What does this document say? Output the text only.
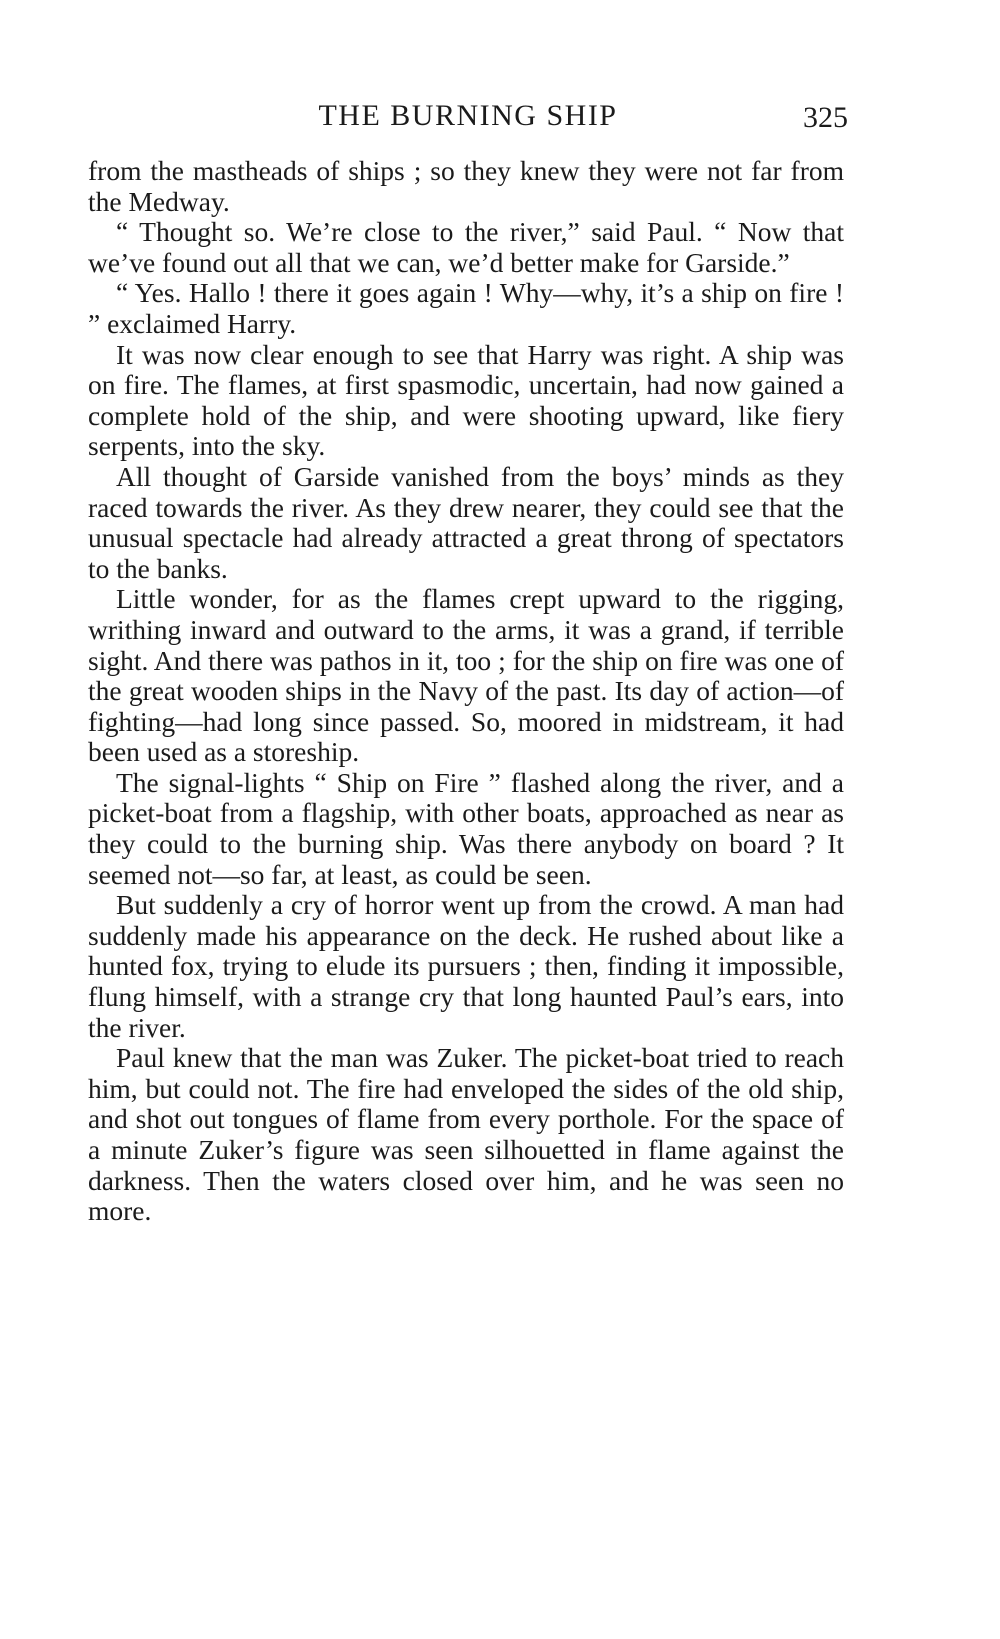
THE BURNING SHIP	325

from the mastheads of ships ; so they knew they were not far from the Medway.

“ Thought so. We’re close to the river,” said Paul. “ Now that we’ve found out all that we can, we’d better make for Garside.”

“ Yes. Hallo ! there it goes again ! Why—why, it’s a ship on fire ! ” exclaimed Harry.

It was now clear enough to see that Harry was right. A ship was on fire. The flames, at first spasmodic, uncertain, had now gained a complete hold of the ship, and were shooting upward, like fiery serpents, into the sky.

All thought of Garside vanished from the boys’ minds as they raced towards the river. As they drew nearer, they could see that the unusual spectacle had already attracted a great throng of spectators to the banks.

Little wonder, for as the flames crept upward to the rigging, writhing inward and outward to the arms, it was a grand, if terrible sight. And there was pathos in it, too ; for the ship on fire was one of the great wooden ships in the Navy of the past. Its day of action—of fighting—had long since passed. So, moored in midstream, it had been used as a storeship.

The signal-lights “ Ship on Fire ” flashed along the river, and a picket-boat from a flagship, with other boats, approached as near as they could to the burning ship. Was there anybody on board ? It seemed not—so far, at least, as could be seen.

But suddenly a cry of horror went up from the crowd. A man had suddenly made his appearance on the deck. He rushed about like a hunted fox, trying to elude its pursuers ; then, finding it impossible, flung himself, with a strange cry that long haunted Paul’s ears, into the river.

Paul knew that the man was Zuker. The picket-boat tried to reach him, but could not. The fire had enveloped the sides of the old ship, and shot out tongues of flame from every porthole. For the space of a minute Zuker’s figure was seen silhouetted in flame against the darkness. Then the waters closed over him, and he was seen no more.
